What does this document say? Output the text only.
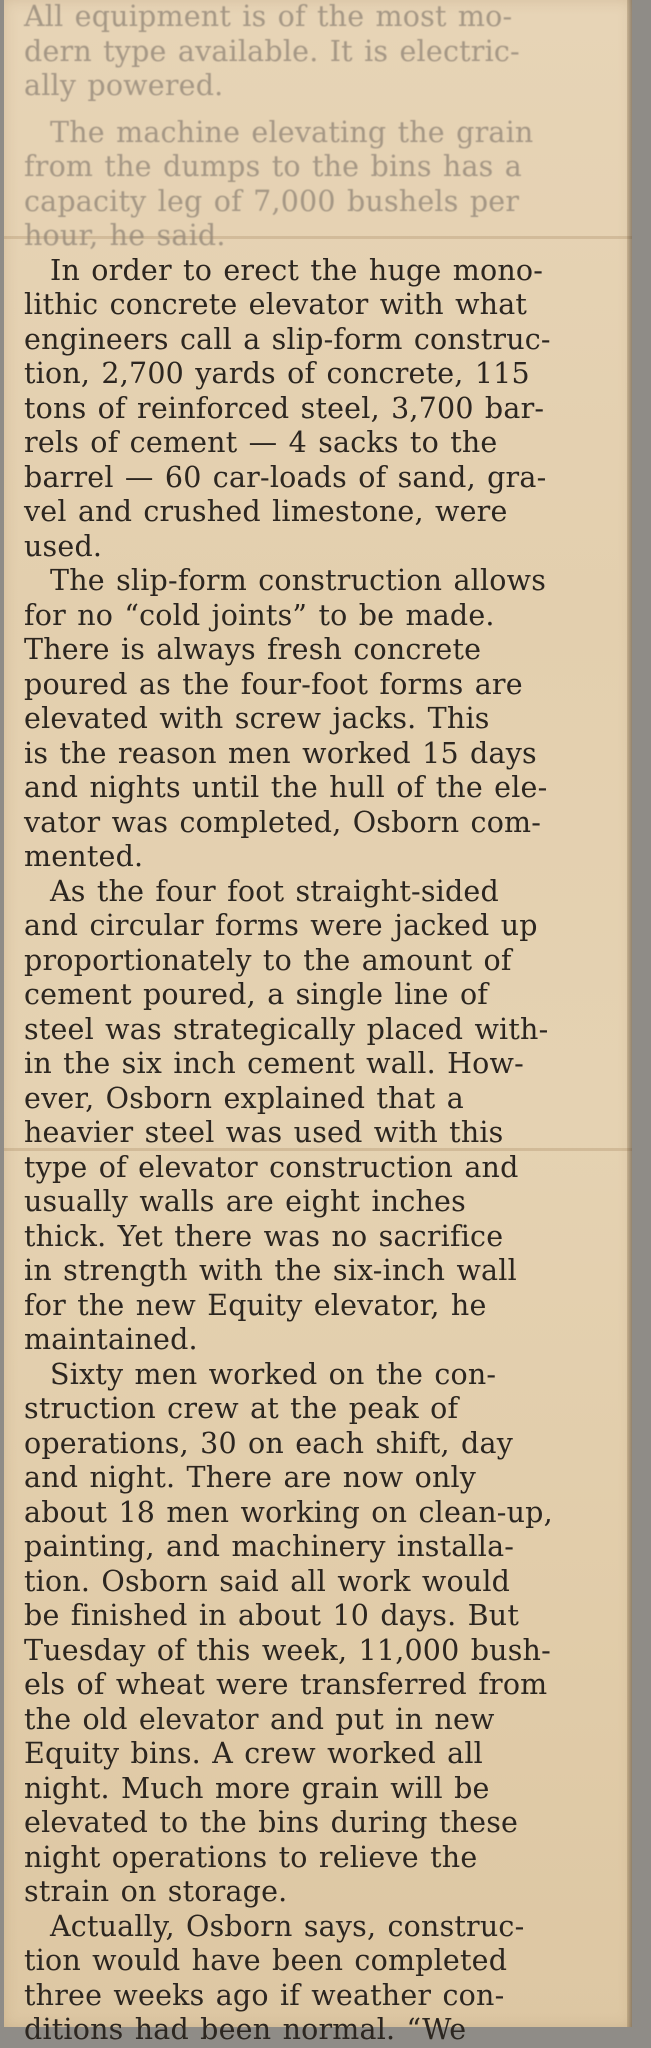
All equipment is of the most mo-
dern type available. It is electric-
ally powered.

The machine elevating the grain
from the dumps to the bins has a
capacity leg of 7,000 bushels per
hour, he said.

In order to erect the huge mono-
lithic concrete elevator with what
engineers call a slip-form construc-
tion, 2,700 yards of concrete, 115
tons of reinforced steel, 3,700 bar-
rels of cement — 4 sacks to the
barrel — 60 car-loads of sand, gra-
vel and crushed limestone, were
used.

The slip-form construction allows
for no “cold joints” to be made.
There is always fresh concrete
poured as the four-foot forms are
elevated with screw jacks. This
is the reason men worked 15 days
and nights until the hull of the ele-
vator was completed, Osborn com-
mented.

As the four foot straight-sided
and circular forms were jacked up
proportionately to the amount of
cement poured, a single line of
steel was strategically placed with-
in the six inch cement wall. How-
ever, Osborn explained that a
heavier steel was used with this
type of elevator construction and
usually walls are eight inches
thick. Yet there was no sacrifice
in strength with the six-inch wall
for the new Equity elevator, he
maintained.

Sixty men worked on the con-
struction crew at the peak of
operations, 30 on each shift, day
and night. There are now only
about 18 men working on clean-up,
painting, and machinery installa-
tion. Osborn said all work would
be finished in about 10 days. But
Tuesday of this week, 11,000 bush-
els of wheat were transferred from
the old elevator and put in new
Equity bins. A crew worked all
night. Much more grain will be
elevated to the bins during these
night operations to relieve the
strain on storage.

Actually, Osborn says, construc-
tion would have been completed
three weeks ago if weather con-
ditions had been normal. “We
